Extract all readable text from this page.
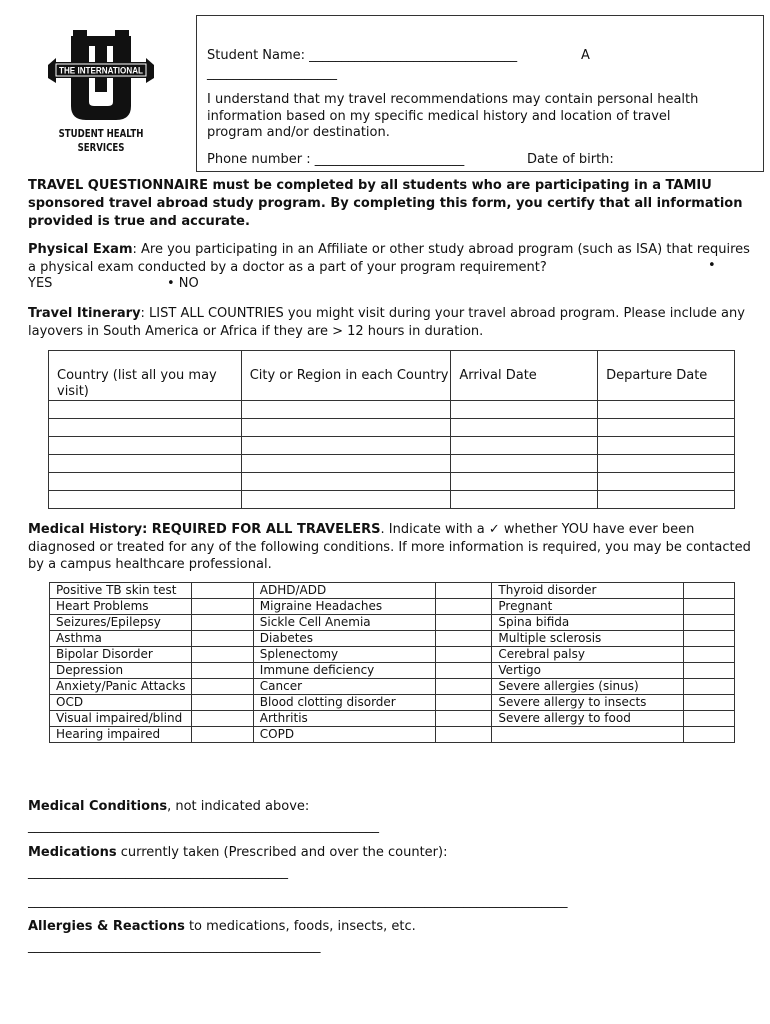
THE INTERNATIONAL
STUDENT HEALTH
SERVICES
Student Name: ________________________________	A
____________________
I understand that my travel recommendations may contain personal health information based on my specific medical history and location of travel program and/or destination.
Phone number : _______________________	Date of birth:
TRAVEL QUESTIONNAIRE must be completed by all students who are participating in a TAMIU sponsored travel abroad study program. By completing this form, you certify that all information provided is true and accurate.
Physical Exam: Are you participating in an Affiliate or other study abroad program (such as ISA) that requires a physical exam conducted by a doctor as a part of your program requirement?	•
YES	• NO
Travel Itinerary: LIST ALL COUNTRIES you might visit during your travel abroad program. Please include any layovers in South America or Africa if they are > 12 hours in duration.
Country (list all you may visit)	City or Region in each Country	Arrival Date	Departure Date

Medical History: REQUIRED FOR ALL TRAVELERS. Indicate with a ✓ whether YOU have ever been diagnosed or treated for any of the following conditions. If more information is required, you may be contacted by a campus healthcare professional.
Positive TB skin test		ADHD/ADD		Thyroid disorder	
Heart Problems		Migraine Headaches		Pregnant	
Seizures/Epilepsy		Sickle Cell Anemia		Spina bifida	
Asthma		Diabetes		Multiple sclerosis	
Bipolar Disorder		Splenectomy		Cerebral palsy	
Depression		Immune deficiency		Vertigo	
Anxiety/Panic Attacks		Cancer		Severe allergies (sinus)	
OCD		Blood clotting disorder		Severe allergy to insects	
Visual impaired/blind		Arthritis		Severe allergy to food	
Hearing impaired		COPD			
Medical Conditions, not indicated above:
______________________________________________________
Medications currently taken (Prescribed and over the counter):
________________________________________
___________________________________________________________________________________
Allergies & Reactions to medications, foods, insects, etc.
_____________________________________________
